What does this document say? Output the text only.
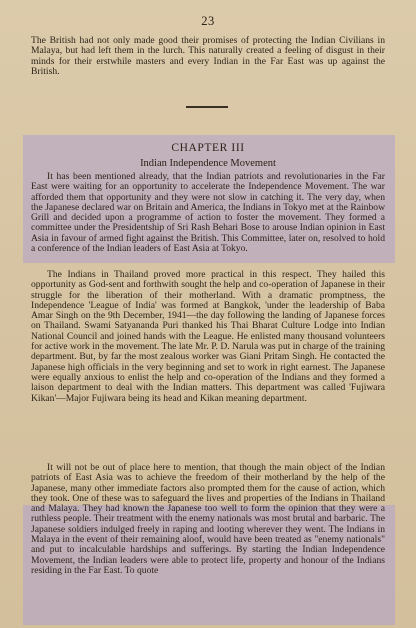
23

The British had not only made good their promises of protecting the Indian Civilians in Malaya, but had left them in the lurch. This naturally created a feeling of disgust in their minds for their erstwhile masters and every Indian in the Far East was up against the British.

CHAPTER III
Indian Independence Movement

It has been mentioned already, that the Indian patriots and revolutionaries in the Far East were waiting for an opportunity to accelerate the Independence Movement. The war afforded them that opportunity and they were not slow in catching it. The very day, when the Japanese declared war on Britain and America, the Indians in Tokyo met at the Rainbow Grill and decided upon a programme of action to foster the movement. They formed a committee under the Presidentship of Sri Rash Behari Bose to arouse Indian opinion in East Asia in favour of armed fight against the British. This Committee, later on, resolved to hold a conference of the Indian leaders of East Asia at Tokyo.

The Indians in Thailand proved more practical in this respect. They hailed this opportunity as God-sent and forthwith sought the help and co-operation of Japanese in their struggle for the liberation of their motherland. With a dramatic promptness, the Independence 'League of India' was formed at Bangkok, 'under the leadership of Baba Amar Singh on the 9th December, 1941—the day following the landing of Japanese forces on Thailand. Swami Satyananda Puri thanked his Thai Bharat Culture Lodge into Indian National Council and joined hands with the League. He enlisted many thousand volunteers for active work in the movement. The late Mr. P. D. Narula was put in charge of the training department. But, by far the most zealous worker was Giani Pritam Singh. He contacted the Japanese high officials in the very beginning and set to work in right earnest. The Japanese were equally anxious to enlist the help and co-operation of the Indians and they formed a laison department to deal with the Indian matters. This department was called 'Fujiwara Kikan'—Major Fujiwara being its head and Kikan meaning department.

It will not be out of place here to mention, that though the main object of the Indian patriots of East Asia was to achieve the freedom of their motherland by the help of the Japanese, many other immediate factors also prompted them for the cause of action, which they took. One of these was to safeguard the lives and properties of the Indians in Thailand and Malaya. They had known the Japanese too well to form the opinion that they were a ruthless people. Their treatment with the enemy nationals was most brutal and barbaric. The Japanese soldiers indulged freely in raping and looting wherever they went. The Indians in Malaya in the event of their remaining aloof, would have been treated as "enemy nationals" and put to incalculable hardships and sufferings. By starting the Indian Independence Movement, the Indian leaders were able to protect life, property and honour of the Indians residing in the Far East. To quote
